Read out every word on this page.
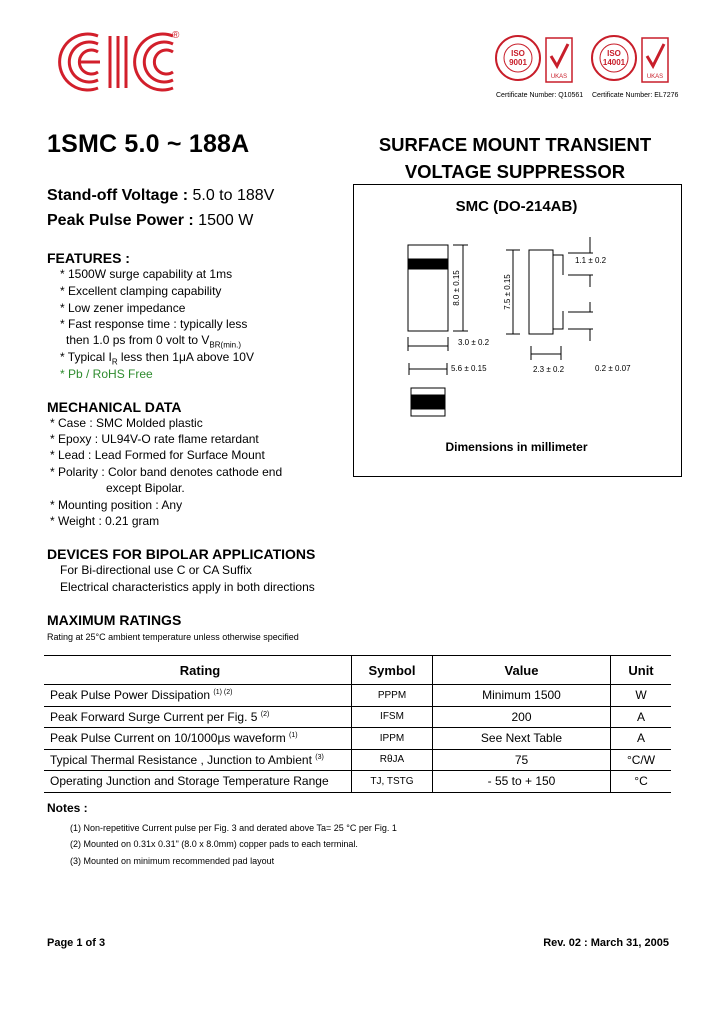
®
ISO
9001
UKAS
Certificate Number: Q10561
ISO
14001
UKAS
Certificate Number: EL7276
1SMC 5.0 ~ 188A	SURFACE MOUNT TRANSIENT
VOLTAGE SUPPRESSOR
Stand-off Voltage : 5.0 to 188V
Peak Pulse Power : 1500 W
FEATURES :
* 1500W surge capability at 1ms
* Excellent clamping capability
* Low zener impedance
* Fast response time : typically less
then 1.0 ps from 0 volt to $V_{BR(min.)}$
* Typical $I_R$ less then 1μA above 10V
* Pb / RoHS Free
MECHANICAL DATA
* Case : SMC Molded plastic
* Epoxy : UL94V-O rate flame retardant
* Lead : Lead Formed for Surface Mount
* Polarity : Color band denotes cathode end
except Bipolar.
* Mounting position : Any
* Weight : 0.21 gram
DEVICES FOR BIPOLAR APPLICATIONS
For Bi-directional use C or CA Suffix
Electrical characteristics apply in both directions
SMC (DO-214AB)
8.0 ± 0.15	7.5 ± 0.15
3.0 ± 0.2
5.6 ± 0.15
1.1 ± 0.2
2.3 ± 0.2	0.2 ± 0.07
Dimensions in millimeter
MAXIMUM RATINGS
Rating at 25°C ambient temperature unless otherwise specified
Rating	Symbol	Value	Unit
Peak Pulse Power Dissipation $^{(1) (2)}$	PPPM	Minimum 1500	W
Peak Forward Surge Current per Fig. 5 $^{(2)}$	IFSM	200	A
Peak Pulse Current on 10/1000μs waveform $^{(1)}$	IPPM	See Next Table	A
Typical Thermal Resistance , Junction to Ambient $^{(3)}$	RθJA	75	°C/W
Operating Junction and Storage Temperature Range	TJ, TSTG	- 55 to + 150	°C
Notes :
(1) Non-repetitive Current pulse per Fig. 3 and derated above Ta= 25 °C per Fig. 1
(2) Mounted on 0.31x 0.31" (8.0 x 8.0mm) copper pads to each terminal.
(3) Mounted on minimum recommended pad layout
Page 1 of 3	Rev. 02 : March 31, 2005
